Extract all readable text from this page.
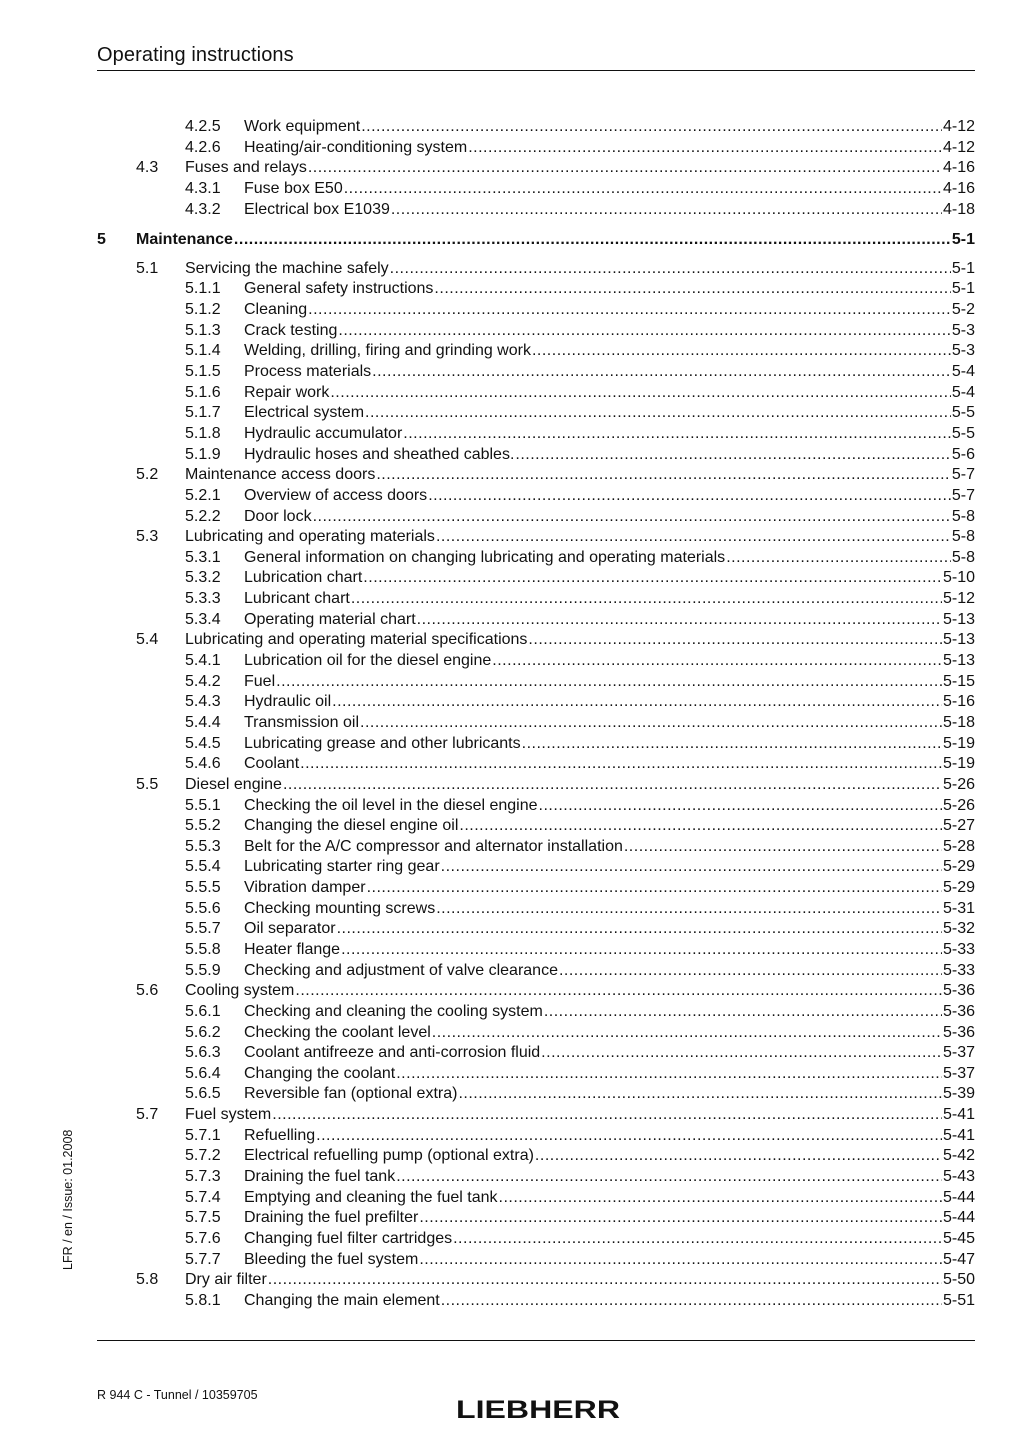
Operating instructions
4.2.5 Work equipment .....	4-12
4.2.6 Heating/air-conditioning system .....	4-12
4.3 Fuses and relays .....	4-16
4.3.1 Fuse box E50 .....	4-16
4.3.2 Electrical box E1039 .....	4-18
5 Maintenance .....	5-1
5.1 Servicing the machine safely .....	5-1
5.1.1 General safety instructions .....	5-1
5.1.2 Cleaning .....	5-2
5.1.3 Crack testing .....	5-3
5.1.4 Welding, drilling, firing and grinding work .....	5-3
5.1.5 Process materials .....	5-4
5.1.6 Repair work .....	5-4
5.1.7 Electrical system .....	5-5
5.1.8 Hydraulic accumulator .....	5-5
5.1.9 Hydraulic hoses and sheathed cables. .....	5-6
5.2 Maintenance access doors .....	5-7
5.2.1 Overview of access doors .....	5-7
5.2.2 Door lock .....	5-8
5.3 Lubricating and operating materials .....	5-8
5.3.1 General information on changing lubricating and operating materials .....	5-8
5.3.2 Lubrication chart .....	5-10
5.3.3 Lubricant chart .....	5-12
5.3.4 Operating material chart .....	5-13
5.4 Lubricating and operating material specifications .....	5-13
5.4.1 Lubrication oil for the diesel engine .....	5-13
5.4.2 Fuel .....	5-15
5.4.3 Hydraulic oil .....	5-16
5.4.4 Transmission oil .....	5-18
5.4.5 Lubricating grease and other lubricants .....	5-19
5.4.6 Coolant .....	5-19
5.5 Diesel engine .....	5-26
5.5.1 Checking the oil level in the diesel engine .....	5-26
5.5.2 Changing the diesel engine oil .....	5-27
5.5.3 Belt for the A/C compressor and alternator installation .....	5-28
5.5.4 Lubricating starter ring gear .....	5-29
5.5.5 Vibration damper .....	5-29
5.5.6 Checking mounting screws .....	5-31
5.5.7 Oil separator .....	5-32
5.5.8 Heater flange .....	5-33
5.5.9 Checking and adjustment of valve clearance .....	5-33
5.6 Cooling system .....	5-36
5.6.1 Checking and cleaning the cooling system .....	5-36
5.6.2 Checking the coolant level .....	5-36
5.6.3 Coolant antifreeze and anti-corrosion fluid .....	5-37
5.6.4 Changing the coolant .....	5-37
5.6.5 Reversible fan (optional extra) .....	5-39
5.7 Fuel system .....	5-41
5.7.1 Refuelling .....	5-41
5.7.2 Electrical refuelling pump (optional extra) .....	5-42
5.7.3 Draining the fuel tank .....	5-43
5.7.4 Emptying and cleaning the fuel tank .....	5-44
5.7.5 Draining the fuel prefilter .....	5-44
5.7.6 Changing fuel filter cartridges .....	5-45
5.7.7 Bleeding the fuel system .....	5-47
5.8 Dry air filter .....	5-50
5.8.1 Changing the main element .....	5-51
LFR / en / Issue: 01.2008
R 944 C - Tunnel / 10359705
LIEBHERR
